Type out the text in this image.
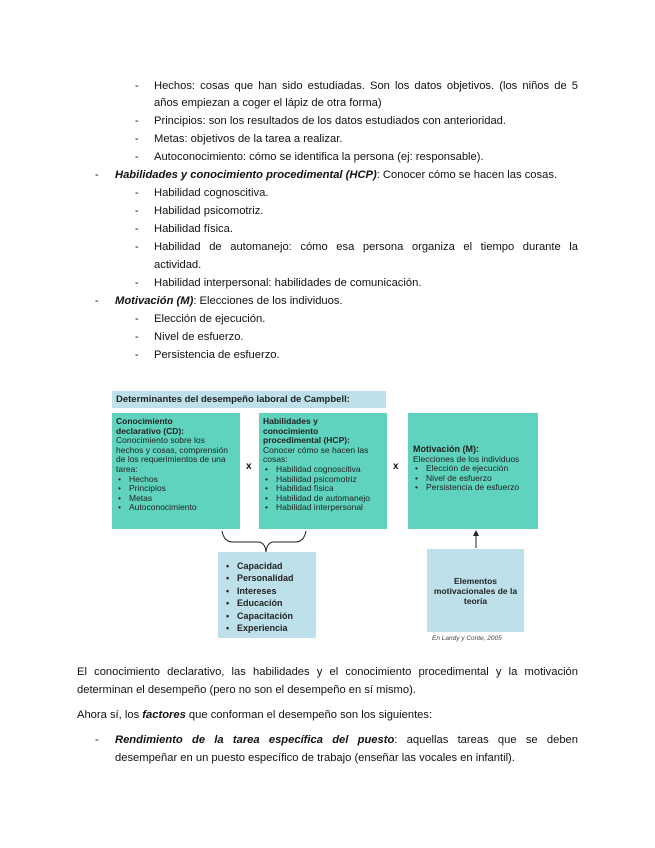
- Hechos: cosas que han sido estudiadas. Son los datos objetivos. (los niños de 5
años empiezan a coger el lápiz de otra forma)
- Principios: son los resultados de los datos estudiados con anterioridad.
- Metas: objetivos de la tarea a realizar.
- Autoconocimiento: cómo se identifica la persona (ej: responsable).
- Habilidades y conocimiento procedimental (HCP): Conocer cómo se hacen las cosas.
- Habilidad cognoscitiva.
- Habilidad psicomotriz.
- Habilidad física.
- Habilidad de automanejo: cómo esa persona organiza el tiempo durante la
actividad.
- Habilidad interpersonal: habilidades de comunicación.
- Motivación (M): Elecciones de los individuos.
- Elección de ejecución.
- Nivel de esfuerzo.
- Persistencia de esfuerzo.
Determinantes del desempeño laboral de Campbell:
Conocimiento
declarativo (CD):
Conocimiento sobre los
hechos y cosas, comprensión
de los requerimientos de una
tarea:
• Hechos
• Principios
• Metas
• Autoconocimiento
x
Habilidades y
conocimiento
procedimental (HCP):
Conocer cómo se hacen las
cosas:
• Habilidad cognoscitiva
• Habilidad psicomotriz
• Habilidad física
• Habilidad de automanejo
• Habilidad interpersonal
x
Motivación (M):
Elecciones de los individuos
• Elección de ejecución
• Nivel de esfuerzo
• Persistencia de esfuerzo
• Capacidad
• Personalidad
• Intereses
• Educación
• Capacitación
• Experiencia
Elementos
motivacionales de la
teoría
En Landy y Conte, 2005
El conocimiento declarativo, las habilidades y el conocimiento procedimental y la motivación
determinan el desempeño (pero no son el desempeño en sí mismo).
Ahora sí, los factores que conforman el desempeño son los siguientes:
- Rendimiento de la tarea específica del puesto: aquellas tareas que se deben
desempeñar en un puesto específico de trabajo (enseñar las vocales en infantil).
